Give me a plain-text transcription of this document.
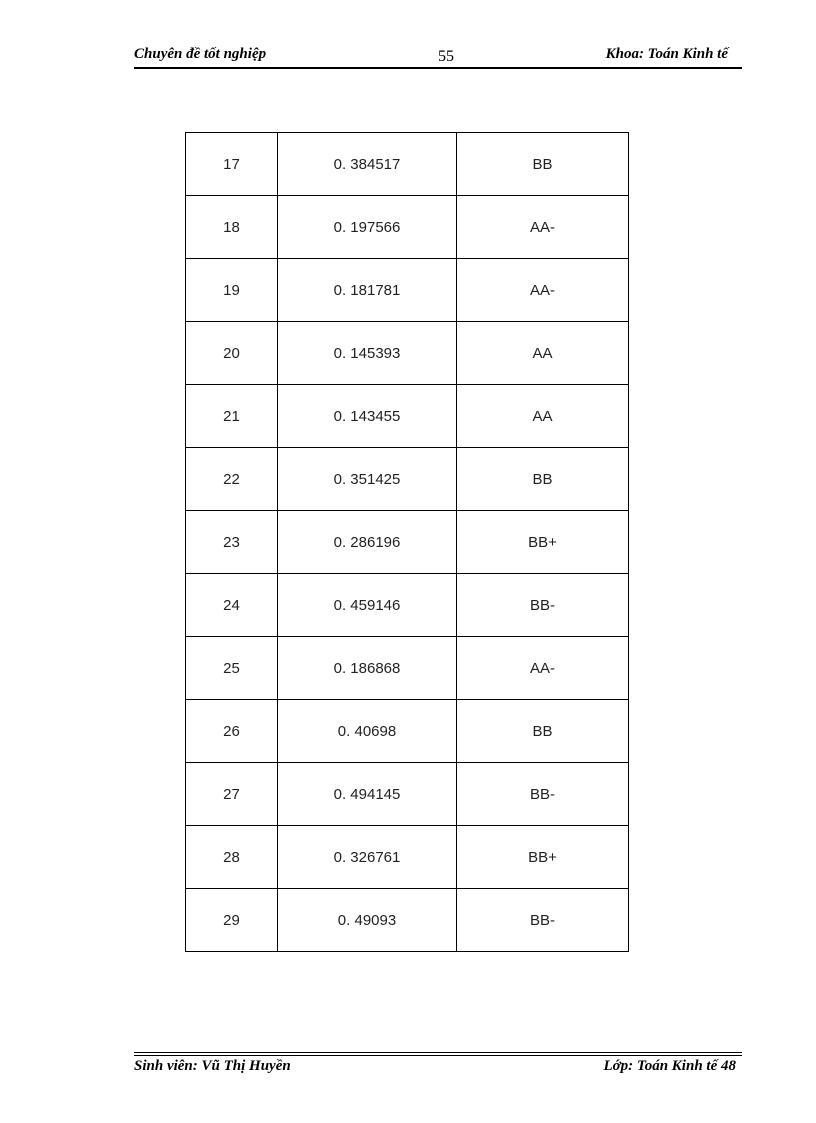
Chuyên đề tốt nghiệp	55	Khoa: Toán Kinh tế
17	0. 384517	BB
18	0. 197566	AA-
19	0. 181781	AA-
20	0. 145393	AA
21	0. 143455	AA
22	0. 351425	BB
23	0. 286196	BB+
24	0. 459146	BB-
25	0. 186868	AA-
26	0. 40698	BB
27	0. 494145	BB-
28	0. 326761	BB+
29	0. 49093	BB-
Sinh viên: Vũ Thị Huyền	Lớp: Toán Kinh tế 48
